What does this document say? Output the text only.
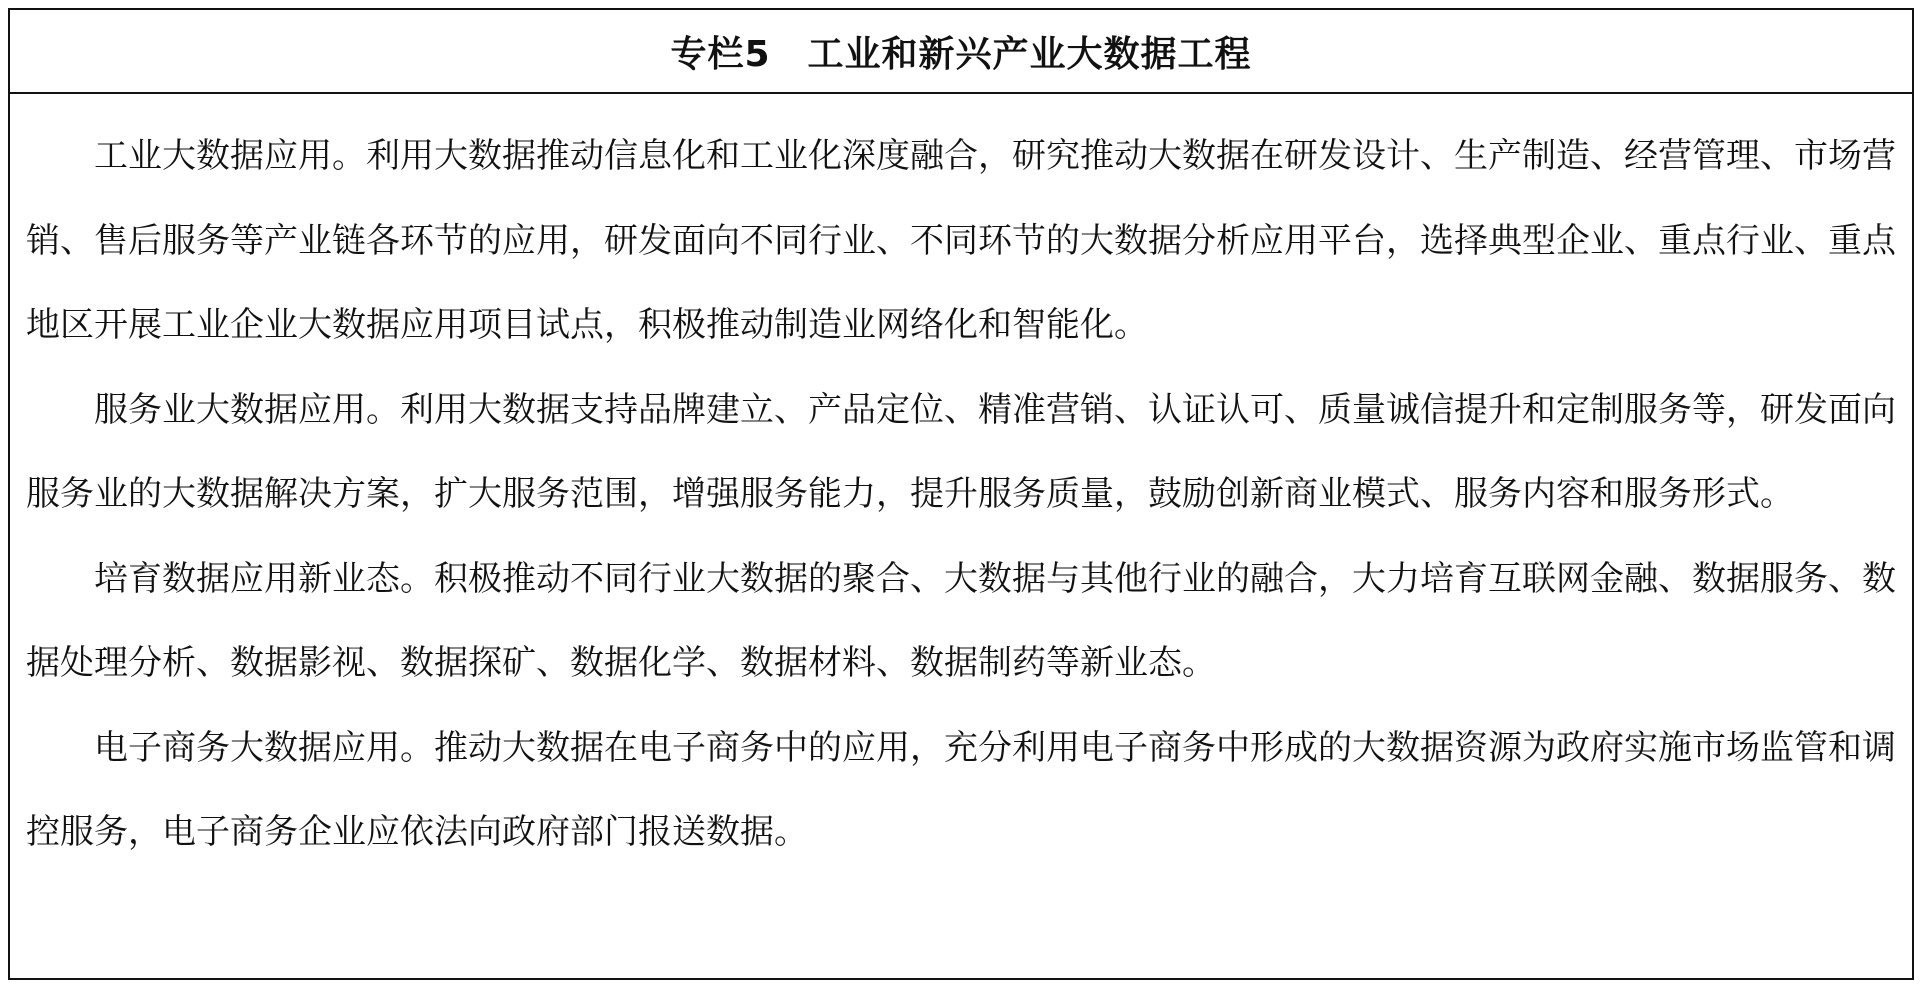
专栏5　工业和新兴产业大数据工程

工业大数据应用。利用大数据推动信息化和工业化深度融合，研究推动大数据在研发设计、生产制造、经营管理、市场营销、售后服务等产业链各环节的应用，研发面向不同行业、不同环节的大数据分析应用平台，选择典型企业、重点行业、重点地区开展工业企业大数据应用项目试点，积极推动制造业网络化和智能化。

服务业大数据应用。利用大数据支持品牌建立、产品定位、精准营销、认证认可、质量诚信提升和定制服务等，研发面向服务业的大数据解决方案，扩大服务范围，增强服务能力，提升服务质量，鼓励创新商业模式、服务内容和服务形式。

培育数据应用新业态。积极推动不同行业大数据的聚合、大数据与其他行业的融合，大力培育互联网金融、数据服务、数据处理分析、数据影视、数据探矿、数据化学、数据材料、数据制药等新业态。

电子商务大数据应用。推动大数据在电子商务中的应用，充分利用电子商务中形成的大数据资源为政府实施市场监管和调控服务，电子商务企业应依法向政府部门报送数据。
